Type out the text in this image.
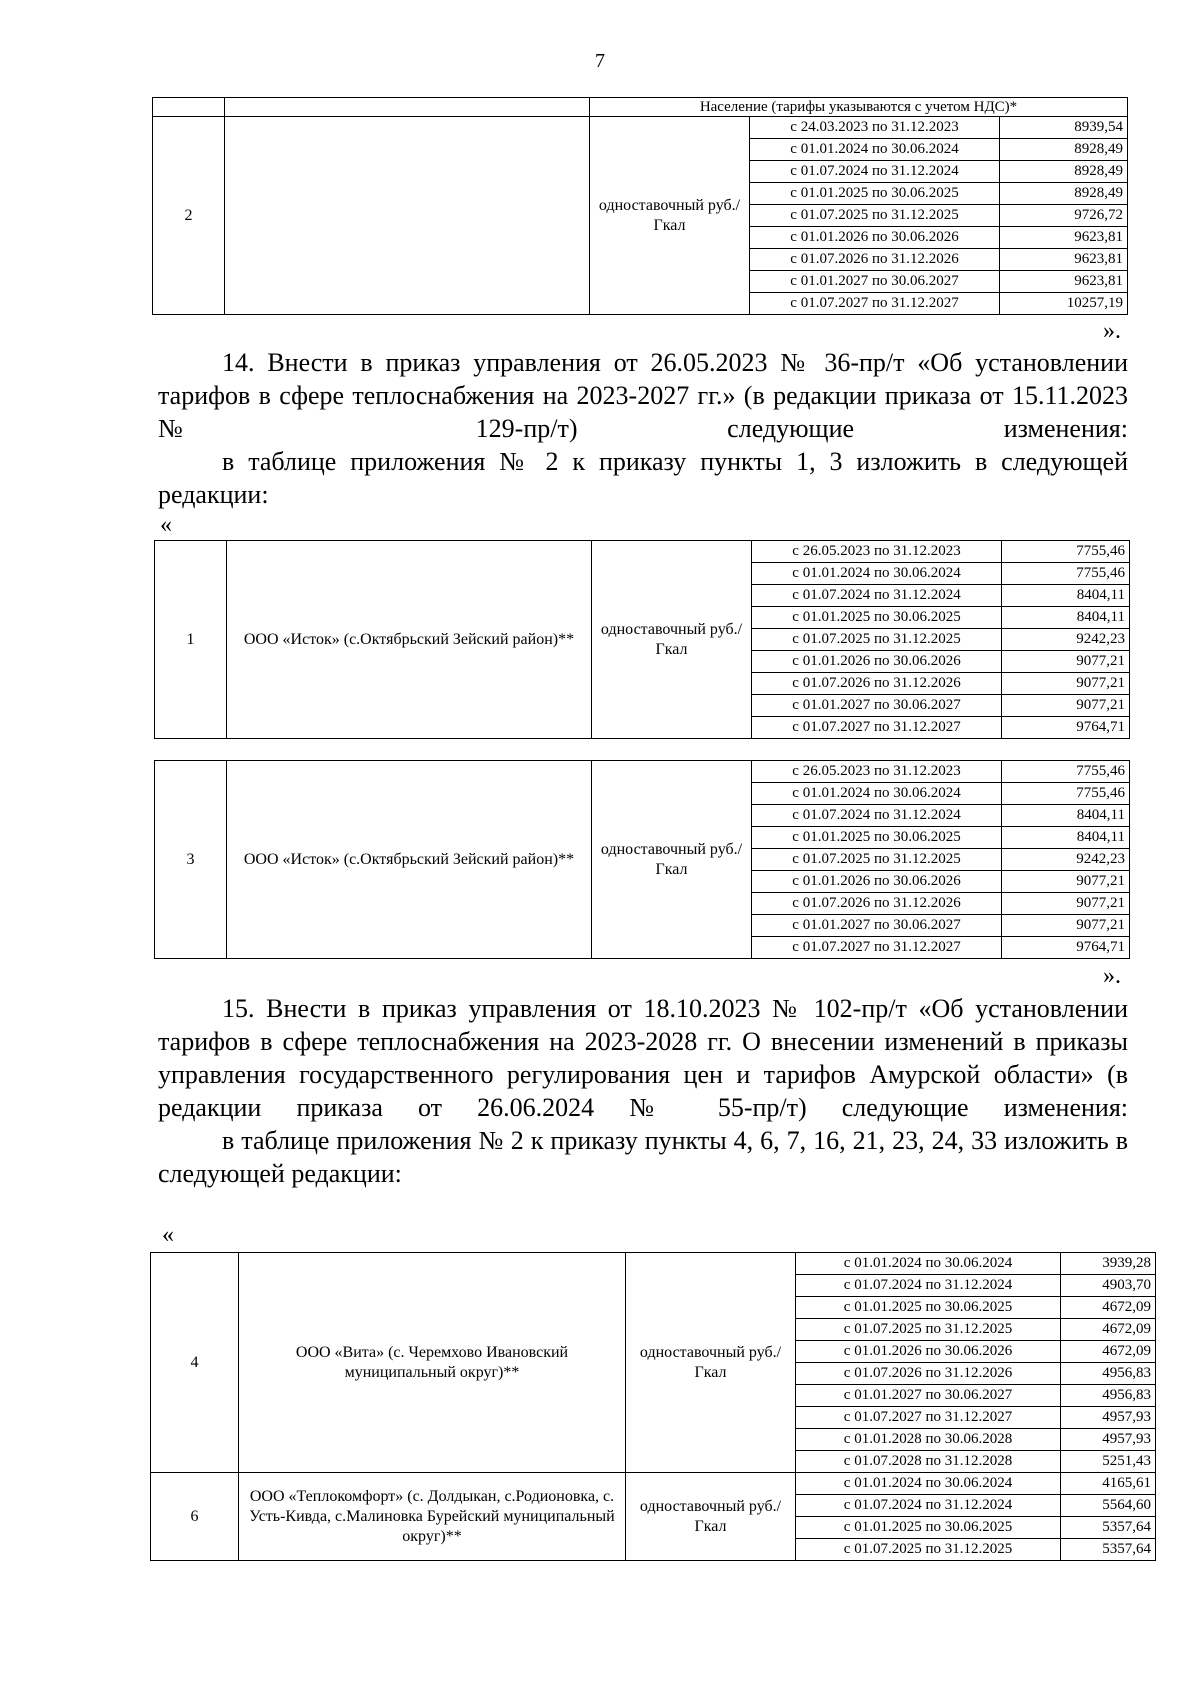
7
		Население (тарифы указываются с учетом НДС)*		
2		одноставочный руб./Гкал	с 24.03.2023 по 31.12.2023	8939,54
			с 01.01.2024 по 30.06.2024	8928,49
			с 01.07.2024 по 31.12.2024	8928,49
			с 01.01.2025 по 30.06.2025	8928,49
			с 01.07.2025 по 31.12.2025	9726,72
			с 01.01.2026 по 30.06.2026	9623,81
			с 01.07.2026 по 31.12.2026	9623,81
			с 01.01.2027 по 30.06.2027	9623,81
			с 01.07.2027 по 31.12.2027	10257,19
».

14. Внести в приказ управления от 26.05.2023 № 36-пр/т «Об установлении тарифов в сфере теплоснабжения на 2023-2027 гг.» (в редакции приказа от 15.11.2023 № 129-пр/т) следующие изменения:

в таблице приложения № 2 к приказу пункты 1, 3 изложить в следующей редакции:

«
1	ООО «Исток» (с.Октябрьский Зейский район)**	одноставочный руб./Гкал	с 26.05.2023 по 31.12.2023	7755,46
			с 01.01.2024 по 30.06.2024	7755,46
			с 01.07.2024 по 31.12.2024	8404,11
			с 01.01.2025 по 30.06.2025	8404,11
			с 01.07.2025 по 31.12.2025	9242,23
			с 01.01.2026 по 30.06.2026	9077,21
			с 01.07.2026 по 31.12.2026	9077,21
			с 01.01.2027 по 30.06.2027	9077,21
			с 01.07.2027 по 31.12.2027	9764,71
3	ООО «Исток» (с.Октябрьский Зейский район)**	одноставочный руб./Гкал	с 26.05.2023 по 31.12.2023	7755,46
			с 01.01.2024 по 30.06.2024	7755,46
			с 01.07.2024 по 31.12.2024	8404,11
			с 01.01.2025 по 30.06.2025	8404,11
			с 01.07.2025 по 31.12.2025	9242,23
			с 01.01.2026 по 30.06.2026	9077,21
			с 01.07.2026 по 31.12.2026	9077,21
			с 01.01.2027 по 30.06.2027	9077,21
			с 01.07.2027 по 31.12.2027	9764,71
».

15. Внести в приказ управления от 18.10.2023 № 102-пр/т «Об установлении тарифов в сфере теплоснабжения на 2023-2028 гг. О внесении изменений в приказы управления государственного регулирования цен и тарифов Амурской области» (в редакции приказа от 26.06.2024 № 55-пр/т) следующие изменения:

в таблице приложения № 2 к приказу пункты 4, 6, 7, 16, 21, 23, 24, 33 изложить в следующей редакции:

«
4	ООО «Вита» (с. Черемхово Ивановский муниципальный округ)**	одноставочный руб./Гкал	с 01.01.2024 по 30.06.2024	3939,28
			с 01.07.2024 по 31.12.2024	4903,70
			с 01.01.2025 по 30.06.2025	4672,09
			с 01.07.2025 по 31.12.2025	4672,09
			с 01.01.2026 по 30.06.2026	4672,09
			с 01.07.2026 по 31.12.2026	4956,83
			с 01.01.2027 по 30.06.2027	4956,83
			с 01.07.2027 по 31.12.2027	4957,93
			с 01.01.2028 по 30.06.2028	4957,93
			с 01.07.2028 по 31.12.2028	5251,43
6	ООО «Теплокомфорт» (с. Долдыкан, с.Родионовка, с. Усть-Кивда, с.Малиновка Бурейский муниципальный округ)**	одноставочный руб./Гкал	с 01.01.2024 по 30.06.2024	4165,61
			с 01.07.2024 по 31.12.2024	5564,60
			с 01.01.2025 по 30.06.2025	5357,64
			с 01.07.2025 по 31.12.2025	5357,64
